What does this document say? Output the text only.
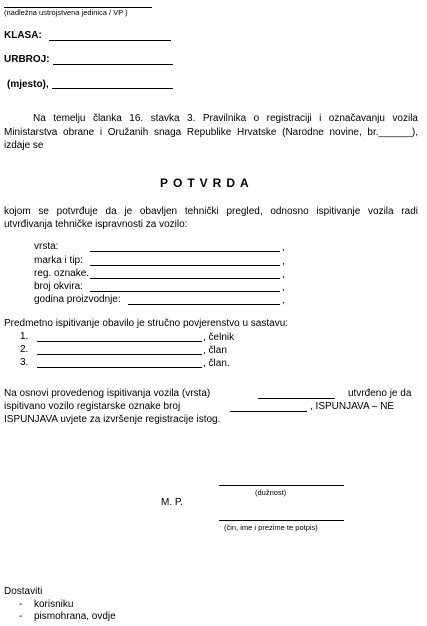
(nadležna ustrojstvena jedinica / VP )
KLASA:
URBROJ:
(mjesto),
Na temelju članka 16. stavka 3. Pravilnika o registraciji i označavanju vozila
Ministarstva obrane i Oružanih snaga Republike Hrvatske (Narodne novine, br.______),
izdaje se
POTVRDA
kojom se potvrđuje da je obavljen tehnički pregled, odnosno ispitivanje vozila radi
utvrđivanja tehničke ispravnosti za vozilo:
vrsta:	,
marka i tip:	,
reg. oznake.	,
broj okvira:	,
godina proizvodnje:	,
Predmetno ispitivanje obavilo je stručno povjerenstvo u sastavu:
1.	, čelnik
2.	, član
3.	, član.
Na osnovi provedenog ispitivanja vozila (vrsta)	utvrđeno je da
ispitivano vozilo registarske oznake broj	, ISPUNJAVA – NE
ISPUNJAVA uvjete za izvršenje registracije istog.
(dužnost)
M. P.
(čin, ime i prezime te potpis)
Dostaviti
- korisniku
- pismohrana, ovdje
